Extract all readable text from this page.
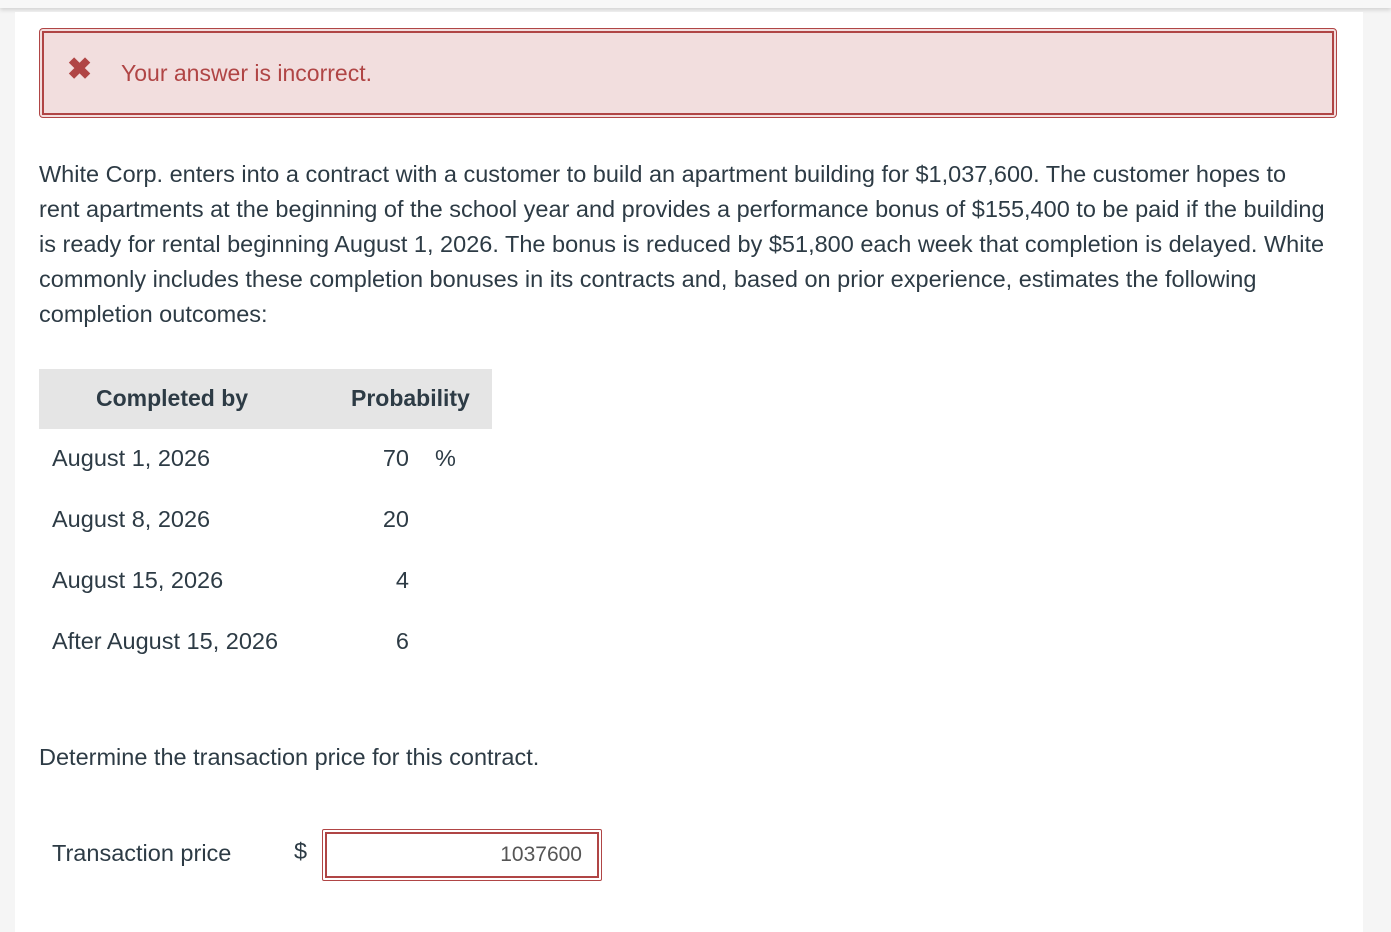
✖ Your answer is incorrect.

White Corp. enters into a contract with a customer to build an apartment building for $1,037,600. The customer hopes to rent apartments at the beginning of the school year and provides a performance bonus of $155,400 to be paid if the building is ready for rental beginning August 1, 2026. The bonus is reduced by $51,800 each week that completion is delayed. White commonly includes these completion bonuses in its contracts and, based on prior experience, estimates the following completion outcomes:

Completed by	Probability
August 1, 2026	70 %
August 8, 2026	20
August 15, 2026	4
After August 15, 2026	6
Determine the transaction price for this contract.
Transaction price	$	1037600
